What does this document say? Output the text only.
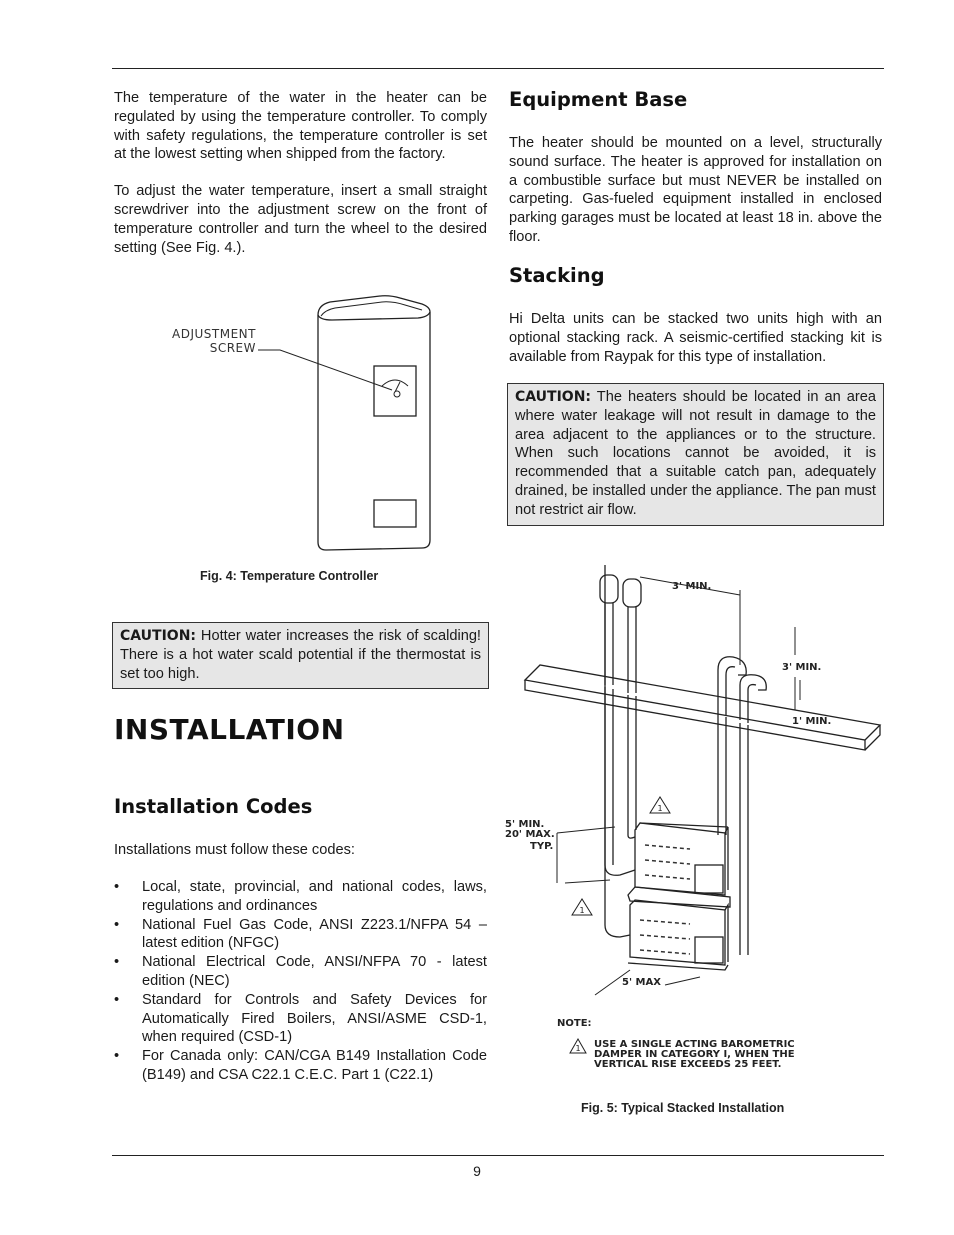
The temperature of the water in the heater can be regulated by using the temperature controller. To comply with safety regulations, the temperature controller is set at the lowest setting when shipped from the factory.

To adjust the water temperature, insert a small straight screwdriver into the adjustment screw on the front of temperature controller and turn the wheel to the desired setting (See Fig. 4.).

ADJUSTMENT
SCREW
Fig. 4: Temperature Controller
CAUTION: Hotter water increases the risk of scalding! There is a hot water scald potential if the thermostat is set too high.
INSTALLATION
Installation Codes

Installations must follow these codes:

• Local, state, provincial, and national codes, laws, regulations and ordinances
• National Fuel Gas Code, ANSI Z223.1/NFPA 54 – latest edition (NFGC)
• National Electrical Code, ANSI/NFPA 70 - latest edition (NEC)
• Standard for Controls and Safety Devices for Automatically Fired Boilers, ANSI/ASME CSD-1, when required (CSD-1)
• For Canada only: CAN/CGA B149 Installation Code (B149) and CSA C22.1 C.E.C. Part 1 (C22.1)
Equipment Base

The heater should be mounted on a level, structurally sound surface. The heater is approved for installation on a combustible surface but must NEVER be installed on carpeting. Gas-fueled equipment installed in enclosed parking garages must be located at least 18 in. above the floor.

Stacking

Hi Delta units can be stacked two units high with an optional stacking rack. A seismic-certified stacking kit is available from Raypak for this type of installation.

CAUTION: The heaters should be located in an area where water leakage will not result in damage to the area adjacent to the appliances or to the structure. When such locations cannot be avoided, it is recommended that a suitable catch pan, adequately drained, be installed under the appliance. The pan must not restrict air flow.
1
1
1
3' MIN.
3' MIN.
1' MIN.
5' MIN.
20' MAX.
TYP.
5' MAX
NOTE:
USE A SINGLE ACTING BAROMETRIC
DAMPER IN CATEGORY I, WHEN THE
VERTICAL RISE EXCEEDS 25 FEET.
Fig. 5: Typical Stacked Installation
9
